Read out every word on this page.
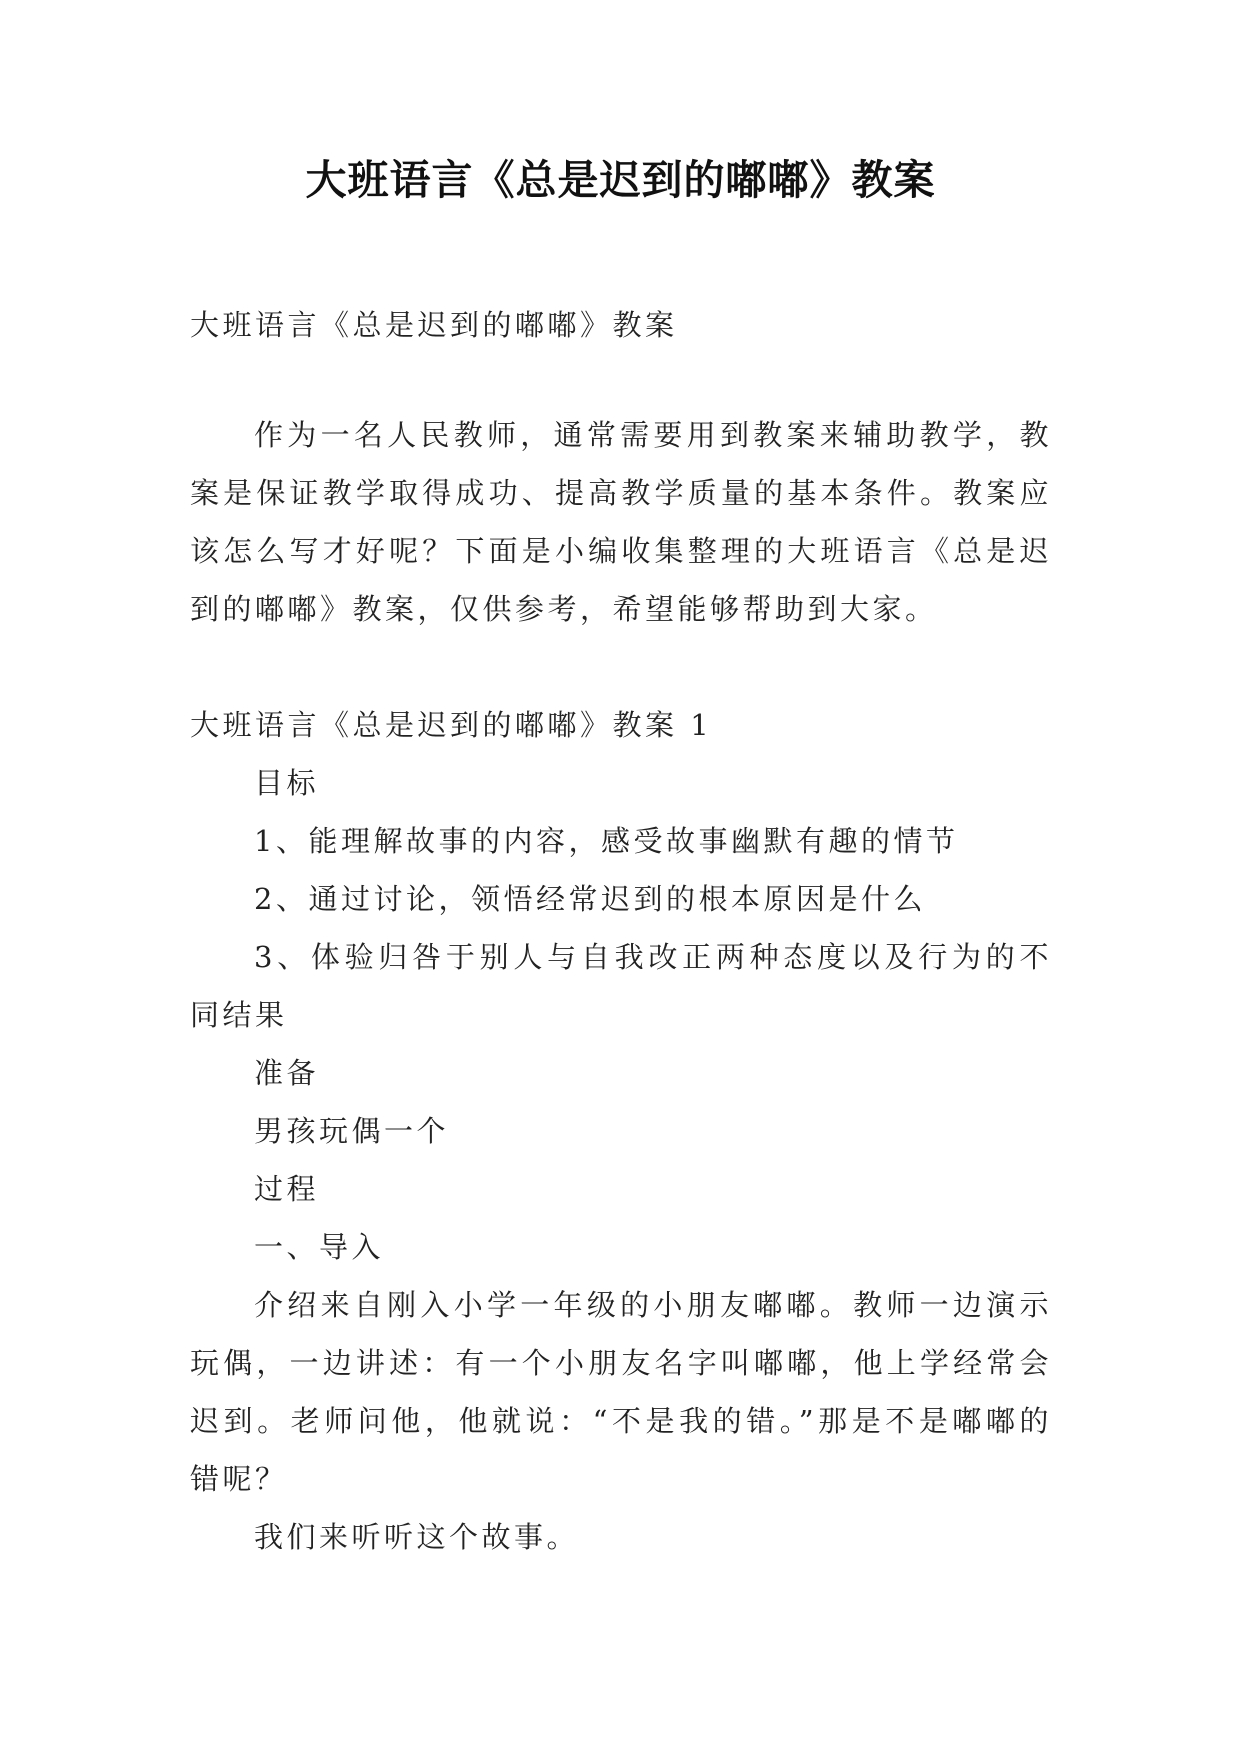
大班语言《总是迟到的嘟嘟》教案

大班语言《总是迟到的嘟嘟》教案

作为一名人民教师，通常需要用到教案来辅助教学，教案是保证教学取得成功、提高教学质量的基本条件。教案应该怎么写才好呢？下面是小编收集整理的大班语言《总是迟到的嘟嘟》教案，仅供参考，希望能够帮助到大家。

大班语言《总是迟到的嘟嘟》教案 1

目标

1、能理解故事的内容，感受故事幽默有趣的情节

2、通过讨论，领悟经常迟到的根本原因是什么

3、体验归咎于别人与自我改正两种态度以及行为的不同结果

准备

男孩玩偶一个

过程

一、导入

介绍来自刚入小学一年级的小朋友嘟嘟。教师一边演示玩偶，一边讲述：有一个小朋友名字叫嘟嘟，他上学经常会迟到。老师问他，他就说：“不是我的错。”那是不是嘟嘟的错呢？

我们来听听这个故事。
